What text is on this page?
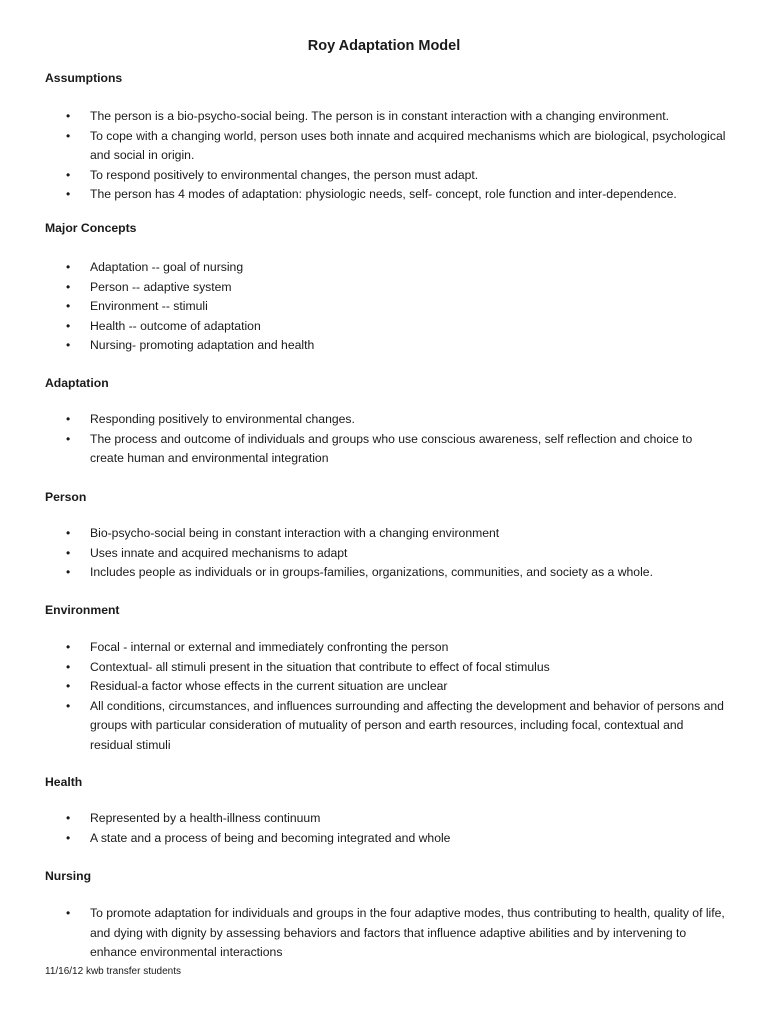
Roy Adaptation Model
Assumptions
• The person is a bio-psycho-social being. The person is in constant interaction with a changing environment.
• To cope with a changing world, person uses both innate and acquired mechanisms which are biological, psychological and social in origin.
• To respond positively to environmental changes, the person must adapt.
• The person has 4 modes of adaptation: physiologic needs, self- concept, role function and inter-dependence.
Major Concepts
• Adaptation -- goal of nursing
• Person -- adaptive system
• Environment -- stimuli
• Health -- outcome of adaptation
• Nursing- promoting adaptation and health
Adaptation
• Responding positively to environmental changes.
• The process and outcome of individuals and groups who use conscious awareness, self reflection and choice to create human and environmental integration
Person
• Bio-psycho-social being in constant interaction with a changing environment
• Uses innate and acquired mechanisms to adapt
• Includes people as individuals or in groups-families, organizations, communities, and society as a whole.
Environment
• Focal - internal or external and immediately confronting the person
• Contextual- all stimuli present in the situation that contribute to effect of focal stimulus
• Residual-a factor whose effects in the current situation are unclear
• All conditions, circumstances, and influences surrounding and affecting the development and behavior of persons and groups with particular consideration of mutuality of person and earth resources, including focal, contextual and residual stimuli
Health
• Represented by a health-illness continuum
• A state and a process of being and becoming integrated and whole
Nursing
• To promote adaptation for individuals and groups in the four adaptive modes, thus contributing to health, quality of life, and dying with dignity by assessing behaviors and factors that influence adaptive abilities and by intervening to enhance environmental interactions
11/16/12 kwb transfer students
